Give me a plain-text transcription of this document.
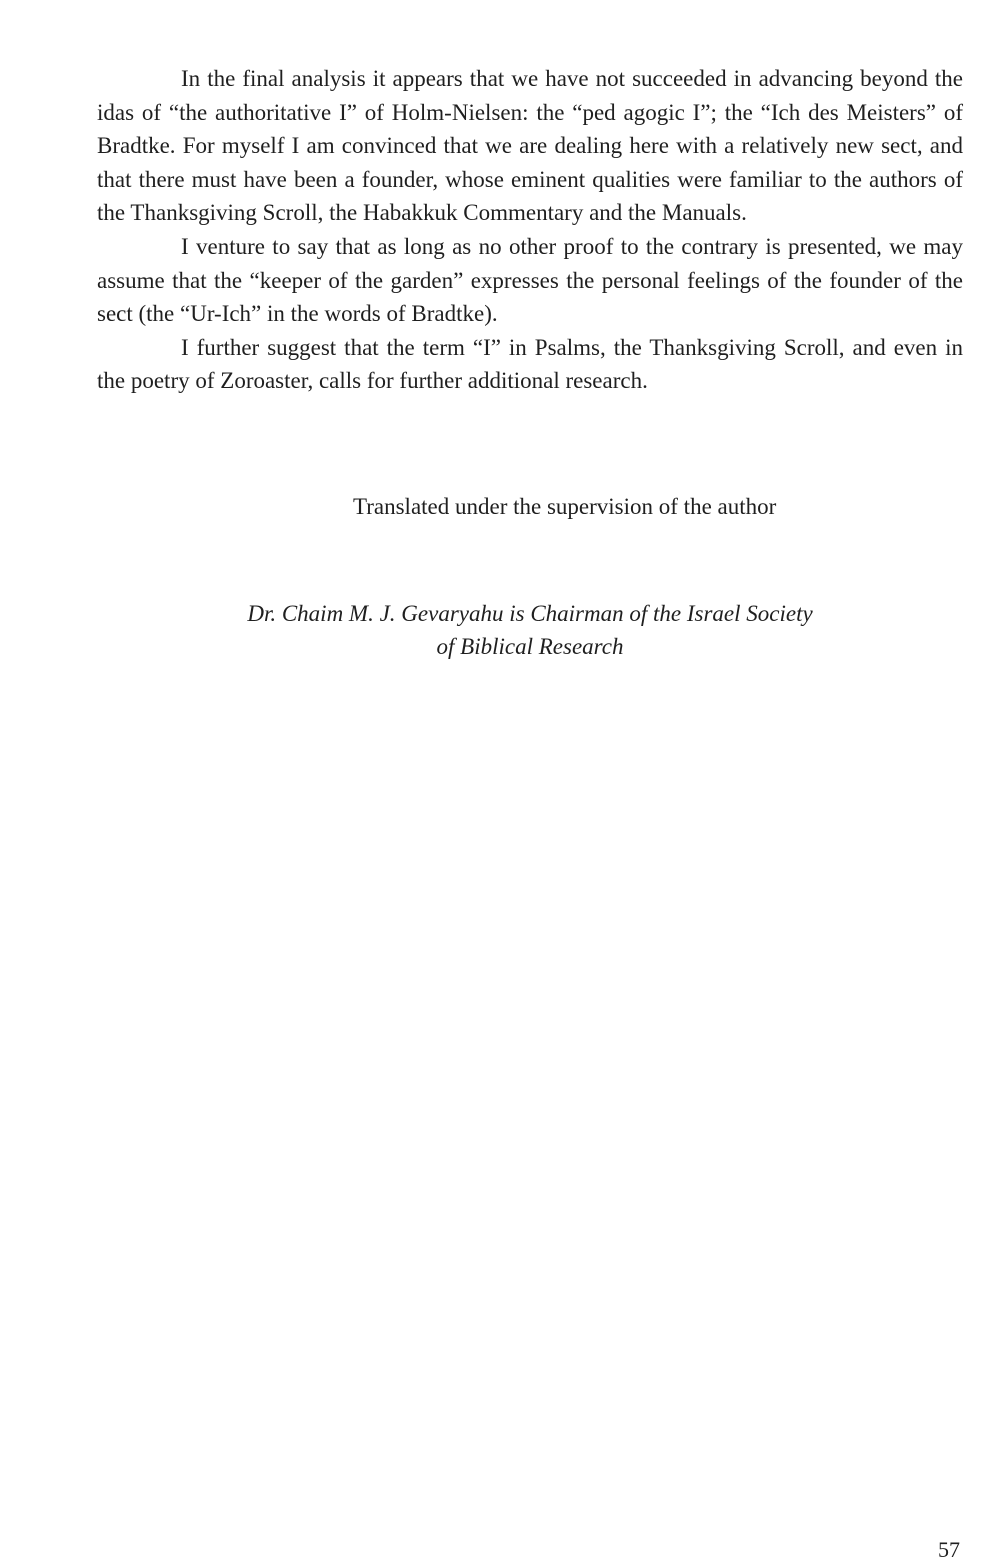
In the final analysis it appears that we have not succeeded in advancing beyond the idas of “the authoritative I” of Holm-Nielsen: the “ped agogic I”; the “Ich des Meisters” of Bradtke. For myself I am convinced that we are dealing here with a relatively new sect, and that there must have been a founder, whose eminent qualities were familiar to the authors of the Thanksgiving Scroll, the Habakkuk Commentary and the Manuals.

I venture to say that as long as no other proof to the contrary is presented, we may assume that the “keeper of the garden” expresses the personal feelings of the founder of the sect (the “Ur-Ich” in the words of Bradtke).

I further suggest that the term “I” in Psalms, the Thanksgiving Scroll, and even in the poetry of Zoroaster, calls for further additional research.

Translated under the supervision of the author
Dr. Chaim M. J. Gevaryahu is Chairman of the Israel Society
of Biblical Research
57
